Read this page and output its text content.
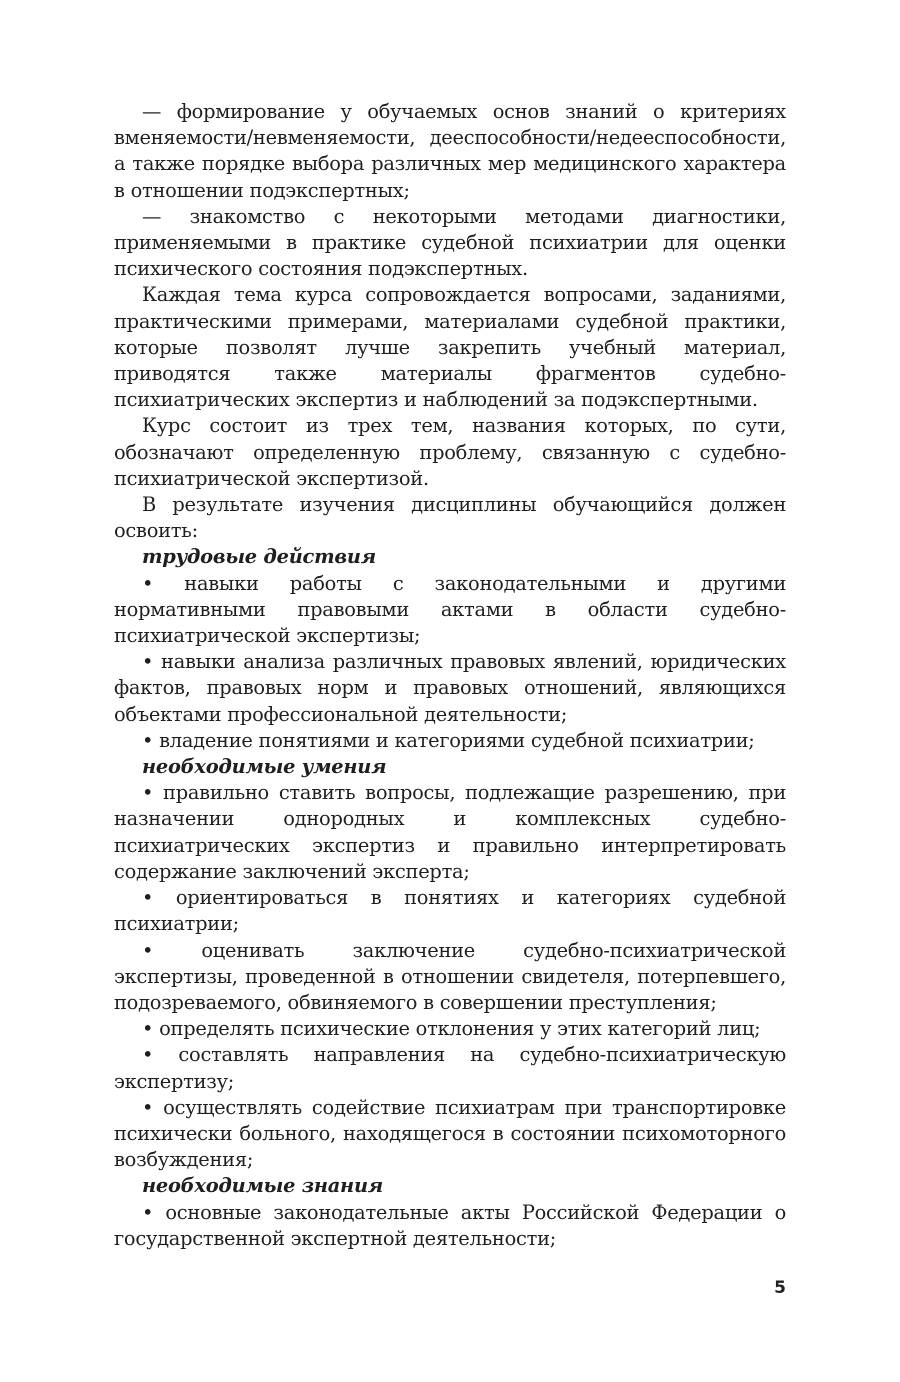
— формирование у обучаемых основ знаний о критериях вменяемости/невменяемости, дееспособности/недееспособности, а также порядке выбора различных мер медицинского характера в отношении подэкспертных;

— знакомство с некоторыми методами диагностики, применяемыми в практике судебной психиатрии для оценки психического состояния подэкспертных.

Каждая тема курса сопровождается вопросами, заданиями, практическими примерами, материалами судебной практики, которые позволят лучше закрепить учебный материал, приводятся также материалы фрагментов судебно-психиатрических экспертиз и наблюдений за подэкспертными.

Курс состоит из трех тем, названия которых, по сути, обозначают определенную проблему, связанную с судебно-психиатрической экспертизой.

В результате изучения дисциплины обучающийся должен освоить:

трудовые действия

• навыки работы с законодательными и другими нормативными правовыми актами в области судебно-психиатрической экспертизы;

• навыки анализа различных правовых явлений, юридических фактов, правовых норм и правовых отношений, являющихся объектами профессиональной деятельности;

• владение понятиями и категориями судебной психиатрии;

необходимые умения

• правильно ставить вопросы, подлежащие разрешению, при назначении однородных и комплексных судебно-психиатрических экспертиз и правильно интерпретировать содержание заключений эксперта;

• ориентироваться в понятиях и категориях судебной психиатрии;

• оценивать заключение судебно-психиатрической экспертизы, проведенной в отношении свидетеля, потерпевшего, подозреваемого, обвиняемого в совершении преступления;

• определять психические отклонения у этих категорий лиц;

• составлять направления на судебно-психиатрическую экспертизу;

• осуществлять содействие психиатрам при транспортировке психически больного, находящегося в состоянии психомоторного возбуждения;

необходимые знания

• основные законодательные акты Российской Федерации о государственной экспертной деятельности;

5
